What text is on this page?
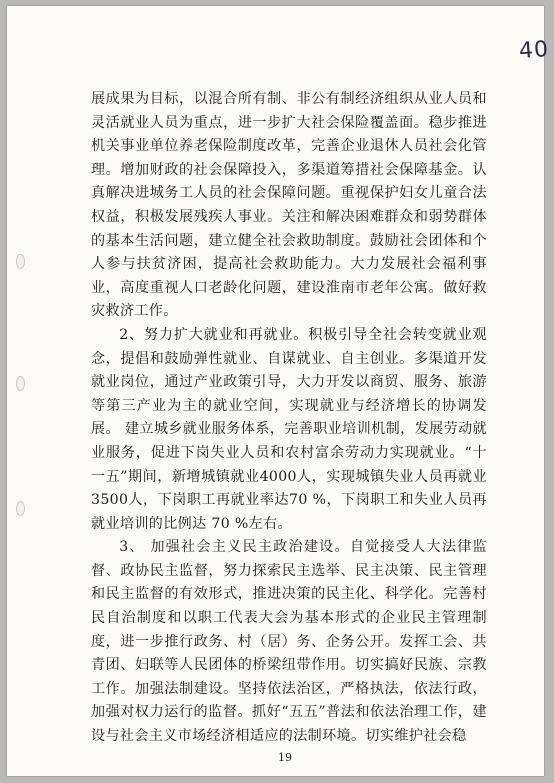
40

展成果为目标，以混合所有制、非公有制经济组织从业人员和灵活就业人员为重点，进一步扩大社会保险覆盖面。稳步推进机关事业单位养老保险制度改革，完善企业退休人员社会化管理。增加财政的社会保障投入，多渠道筹措社会保障基金。认真解决进城务工人员的社会保障问题。重视保护妇女儿童合法权益，积极发展残疾人事业。关注和解决困难群众和弱势群体的基本生活问题，建立健全社会救助制度。鼓励社会团体和个人参与扶贫济困，提高社会救助能力。大力发展社会福利事业，高度重视人口老龄化问题，建设淮南市老年公寓。做好救灾救济工作。

2、努力扩大就业和再就业。积极引导全社会转变就业观念，提倡和鼓励弹性就业、自谋就业、自主创业。多渠道开发就业岗位，通过产业政策引导，大力开发以商贸、服务、旅游等第三产业为主的就业空间，实现就业与经济增长的协调发展。 建立城乡就业服务体系，完善职业培训机制，发展劳动就业服务，促进下岗失业人员和农村富余劳动力实现就业。“十一五”期间，新增城镇就业4000人，实现城镇失业人员再就业3500人，下岗职工再就业率达70 %，下岗职工和失业人员再就业培训的比例达 70 %左右。

3、 加强社会主义民主政治建设。自觉接受人大法律监督、政协民主监督，努力探索民主选举、民主决策、民主管理和民主监督的有效形式，推进决策的民主化、科学化。完善村民自治制度和以职工代表大会为基本形式的企业民主管理制度，进一步推行政务、村（居）务、企务公开。发挥工会、共青团、妇联等人民团体的桥梁纽带作用。切实搞好民族、宗教工作。加强法制建设。坚持依法治区，严格执法，依法行政，加强对权力运行的监督。抓好“五五”普法和依法治理工作，建设与社会主义市场经济相适应的法制环境。切实维护社会稳

19
